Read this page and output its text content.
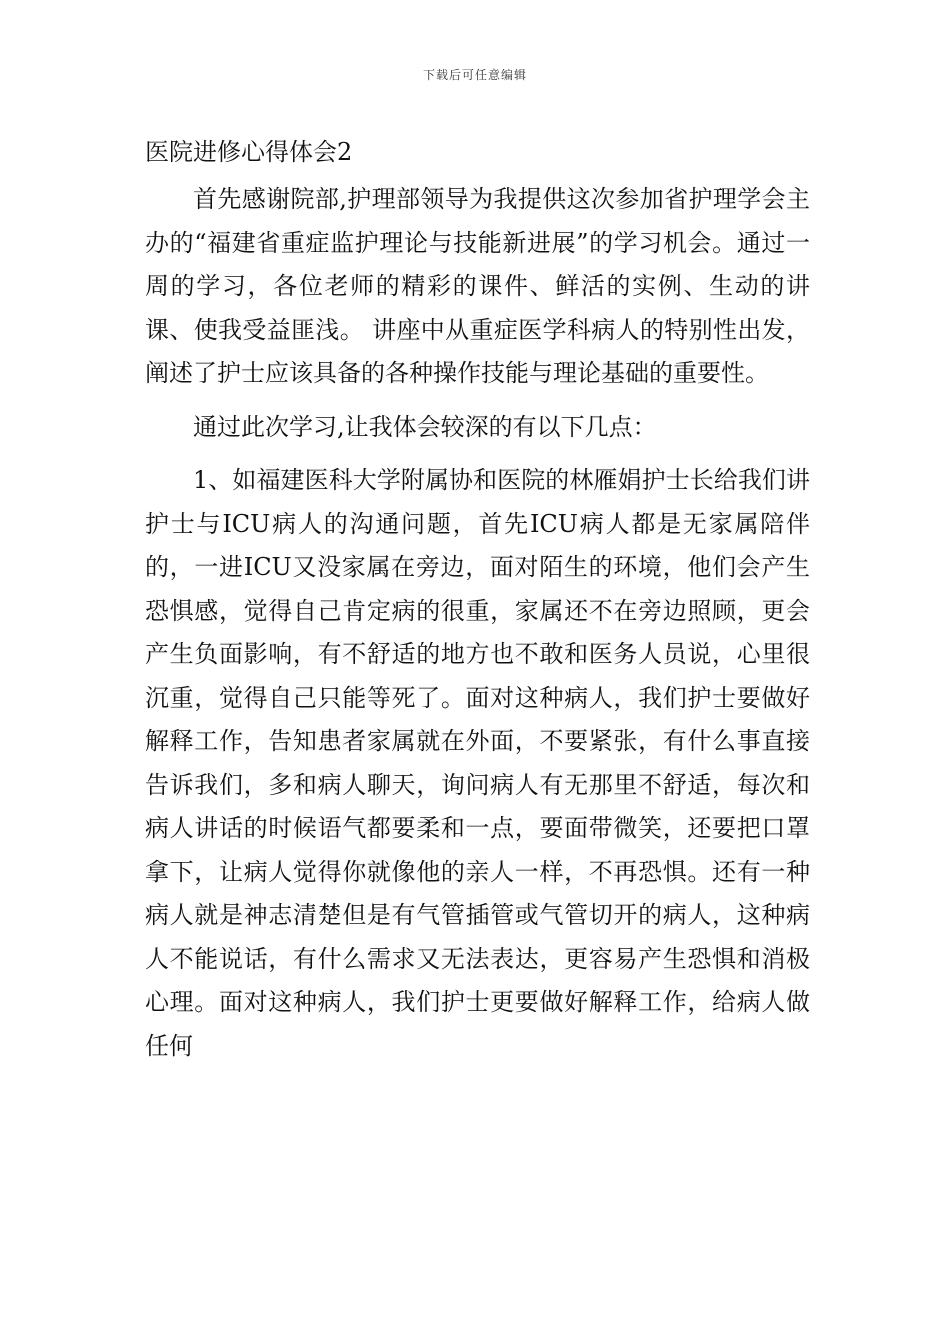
下载后可任意编辑
医院进修心得体会2

首先感谢院部,护理部领导为我提供这次参加省护理学会主办的“福建省重症监护理论与技能新进展”的学习机会。通过一周的学习，各位老师的精彩的课件、鲜活的实例、生动的讲课、使我受益匪浅。 讲座中从重症医学科病人的特别性出发，阐述了护士应该具备的各种操作技能与理论基础的重要性。

通过此次学习,让我体会较深的有以下几点：

1、如福建医科大学附属协和医院的林雁娟护士长给我们讲护士与ICU病人的沟通问题，首先ICU病人都是无家属陪伴的，一进ICU又没家属在旁边，面对陌生的环境，他们会产生恐惧感，觉得自己肯定病的很重，家属还不在旁边照顾，更会产生负面影响，有不舒适的地方也不敢和医务人员说，心里很沉重，觉得自己只能等死了。面对这种病人，我们护士要做好解释工作，告知患者家属就在外面，不要紧张，有什么事直接告诉我们，多和病人聊天，询问病人有无那里不舒适，每次和病人讲话的时候语气都要柔和一点，要面带微笑，还要把口罩拿下，让病人觉得你就像他的亲人一样，不再恐惧。还有一种病人就是神志清楚但是有气管插管或气管切开的病人，这种病人不能说话，有什么需求又无法表达，更容易产生恐惧和消极心理。面对这种病人，我们护士更要做好解释工作，给病人做任何
